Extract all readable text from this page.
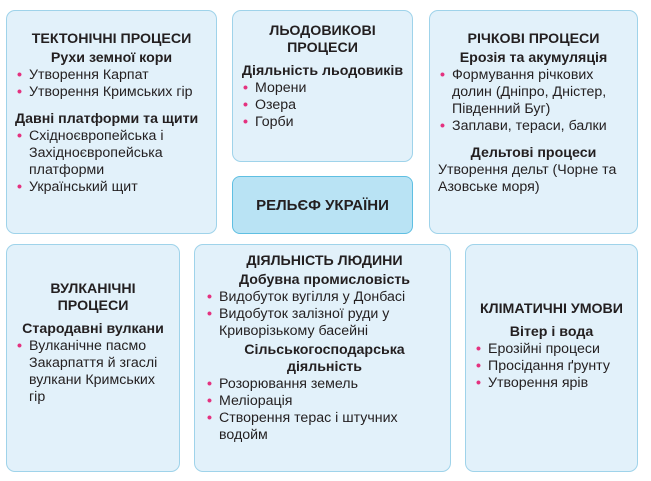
ТЕКТОНІЧНІ ПРОЦЕСИ
Рухи земної кори
• Утворення Карпат
• Утворення Кримських гір
Давні платформи та щити
• Східноєвропейська і Західноєвропейська платформи
• Український щит
ЛЬОДОВИКОВІ ПРОЦЕСИ
Діяльність льодовиків
• Морени
• Озера
• Горби
РІЧКОВІ ПРОЦЕСИ
Ерозія та акумуляція
• Формування річкових долин (Дніпро, Дністер, Південний Буг)
• Заплави, тераси, балки
Дельтові процеси

Утворення дельт (Чорне та Азовське моря)

РЕЛЬЄФ УКРАЇНИ
ВУЛКАНІЧНІ ПРОЦЕСИ
Стародавні вулкани
• Вулканічне пасмо Закарпаття й згаслі вулкани Кримських гір
ДІЯЛЬНІСТЬ ЛЮДИНИ
Добувна промисловість
• Видобуток вугілля у Донбасі
• Видобуток залізної руди у Криворізькому басейні
Сільськогосподарська діяльність
• Розорювання земель
• Меліорація
• Створення терас і штучних водойм
КЛІМАТИЧНІ УМОВИ
Вітер і вода
• Ерозійні процеси
• Просідання ґрунту
• Утворення ярів
